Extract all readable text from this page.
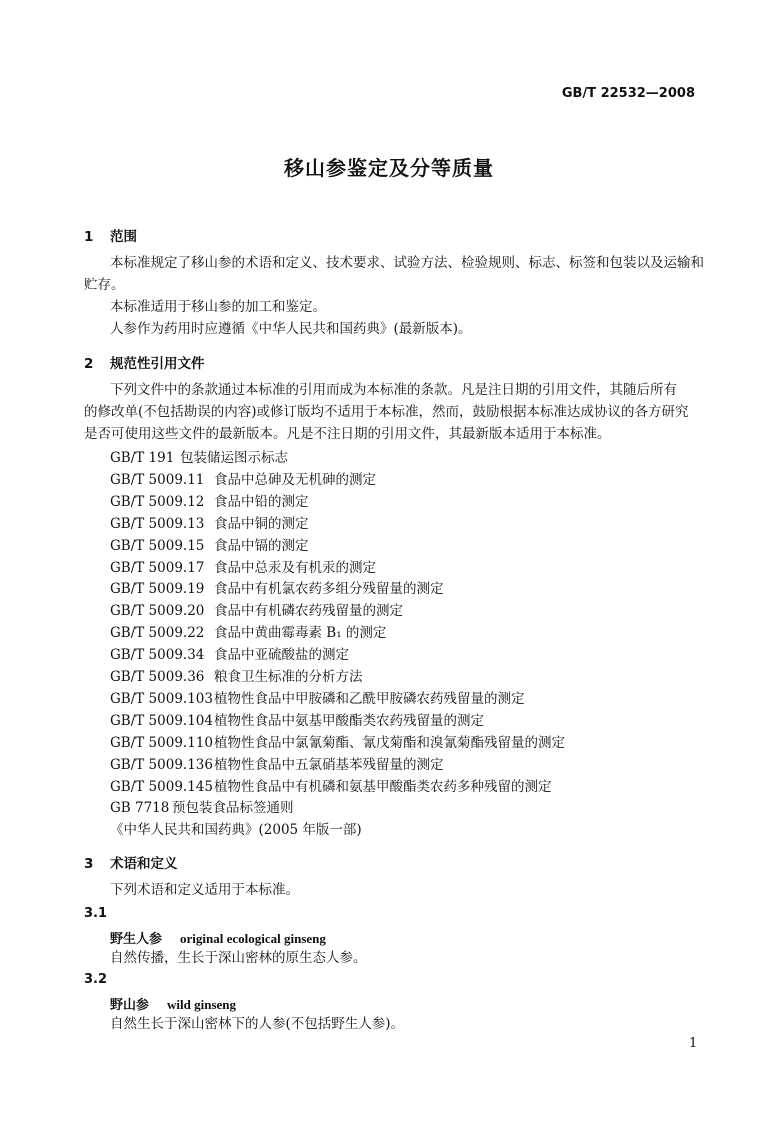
GB/T 22532—2008
移山参鉴定及分等质量
1 范围
本标准规定了移山参的术语和定义、技术要求、试验方法、检验规则、标志、标签和包装以及运输和
贮存。
本标准适用于移山参的加工和鉴定。
人参作为药用时应遵循《中华人民共和国药典》(最新版本)。
2 规范性引用文件
下列文件中的条款通过本标准的引用而成为本标准的条款。凡是注日期的引用文件，其随后所有
的修改单(不包括勘误的内容)或修订版均不适用于本标准，然而，鼓励根据本标准达成协议的各方研究
是否可使用这些文件的最新版本。凡是不注日期的引用文件，其最新版本适用于本标准。
GB/T 191 包装储运图示标志
GB/T 5009.11 食品中总砷及无机砷的测定
GB/T 5009.12 食品中铅的测定
GB/T 5009.13 食品中铜的测定
GB/T 5009.15 食品中镉的测定
GB/T 5009.17 食品中总汞及有机汞的测定
GB/T 5009.19 食品中有机氯农药多组分残留量的测定
GB/T 5009.20 食品中有机磷农药残留量的测定
GB/T 5009.22 食品中黄曲霉毒素 B₁ 的测定
GB/T 5009.34 食品中亚硫酸盐的测定
GB/T 5009.36 粮食卫生标准的分析方法
GB/T 5009.103植物性食品中甲胺磷和乙酰甲胺磷农药残留量的测定
GB/T 5009.104植物性食品中氨基甲酸酯类农药残留量的测定
GB/T 5009.110植物性食品中氯氰菊酯、氰戊菊酯和溴氰菊酯残留量的测定
GB/T 5009.136植物性食品中五氯硝基苯残留量的测定
GB/T 5009.145植物性食品中有机磷和氨基甲酸酯类农药多种残留的测定
GB 7718 预包装食品标签通则
《中华人民共和国药典》(2005 年版一部)
3 术语和定义
下列术语和定义适用于本标准。
3.1
野生人参 original ecological ginseng
自然传播，生长于深山密林的原生态人参。
3.2
野山参 wild ginseng
自然生长于深山密林下的人参(不包括野生人参)。
1
